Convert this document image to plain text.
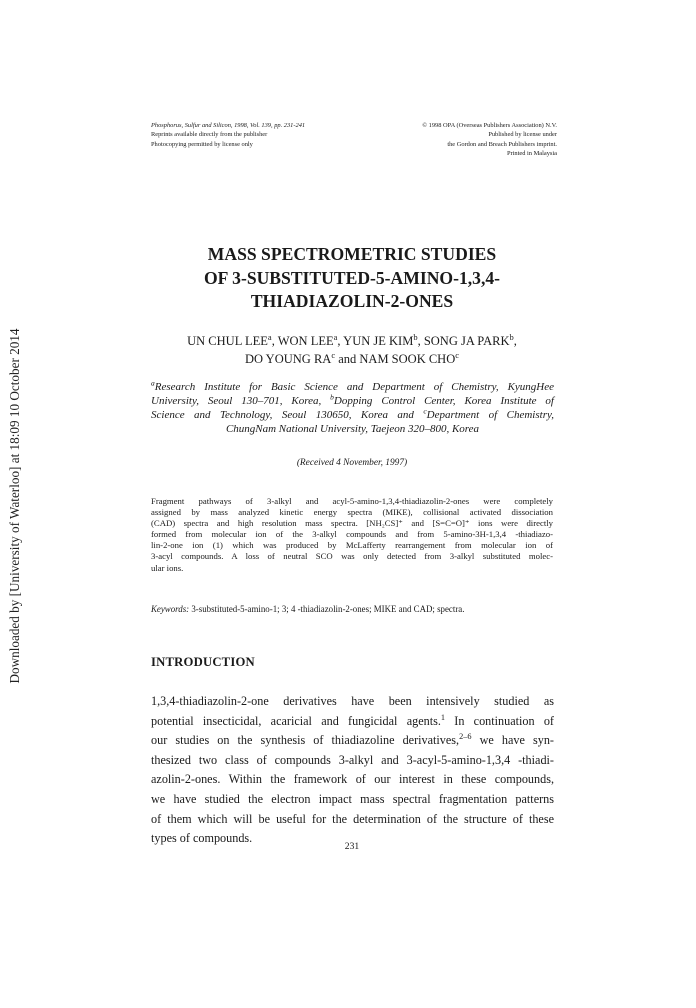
Downloaded by [University of Waterloo] at 18:09 10 October 2014
Phosphorus, Sulfur and Silicon, 1998, Vol. 139, pp. 231-241
Reprints available directly from the publisher
Photocopying permitted by license only
© 1998 OPA (Overseas Publishers Association) N.V.
Published by license under
the Gordon and Breach Publishers imprint.
Printed in Malaysia
MASS SPECTROMETRIC STUDIES
OF 3-SUBSTITUTED-5-AMINO-1,3,4-
THIADIAZOLIN-2-ONES
UN CHUL LEE$^a$, WON LEE$^a$, YUN JE KIM$^b$, SONG JA PARK$^b$,
DO YOUNG $RA^c$ and NAM SOOK CHO$^c$
$^a$Research Institute for Basic Science and Department of Chemistry, KyungHee
University, Seoul 130–701, Korea, $^b$Dopping Control Center, Korea Institute of
Science and Technology, Seoul 130650, Korea and $^c$Department of Chemistry,
ChungNam National University, Taejeon 320–800, Korea
(Received 4 November, 1997)
Fragment pathways of 3-alkyl and acyl-5-amino-1,3,4-thiadiazolin-2-ones were completely
assigned by mass analyzed kinetic energy spectra (MIKE), collisional activated dissociation
(CAD) spectra and high resolution mass spectra. [NH₂CS]⁺ and [S=C=O]⁺ ions were directly
formed from molecular ion of the 3-alkyl compounds and from 5-amino-3H-1,3,4 -thiadiazo-
lin-2-one ion (1) which was produced by McLafferty rearrangement from molecular ion of
3-acyl compounds. A loss of neutral SCO was only detected from 3-alkyl substituted molec-
ular ions.
Keywords: 3-substituted-5-amino-1; 3; 4 -thiadiazolin-2-ones; MIKE and CAD; spectra.
INTRODUCTION
1,3,4-thiadiazolin-2-one derivatives have been intensively studied as
potential insecticidal, acaricial and fungicidal agents.$^1$ In continuation of
our studies on the synthesis of thiadiazoline derivatives,$^{2-6}$ we have syn-
thesized two class of compounds 3-alkyl and 3-acyl-5-amino-1,3,4 -thiadi-
azolin-2-ones. Within the framework of our interest in these compounds,
we have studied the electron impact mass spectral fragmentation patterns
of them which will be useful for the determination of the structure of these
types of compounds.
231
